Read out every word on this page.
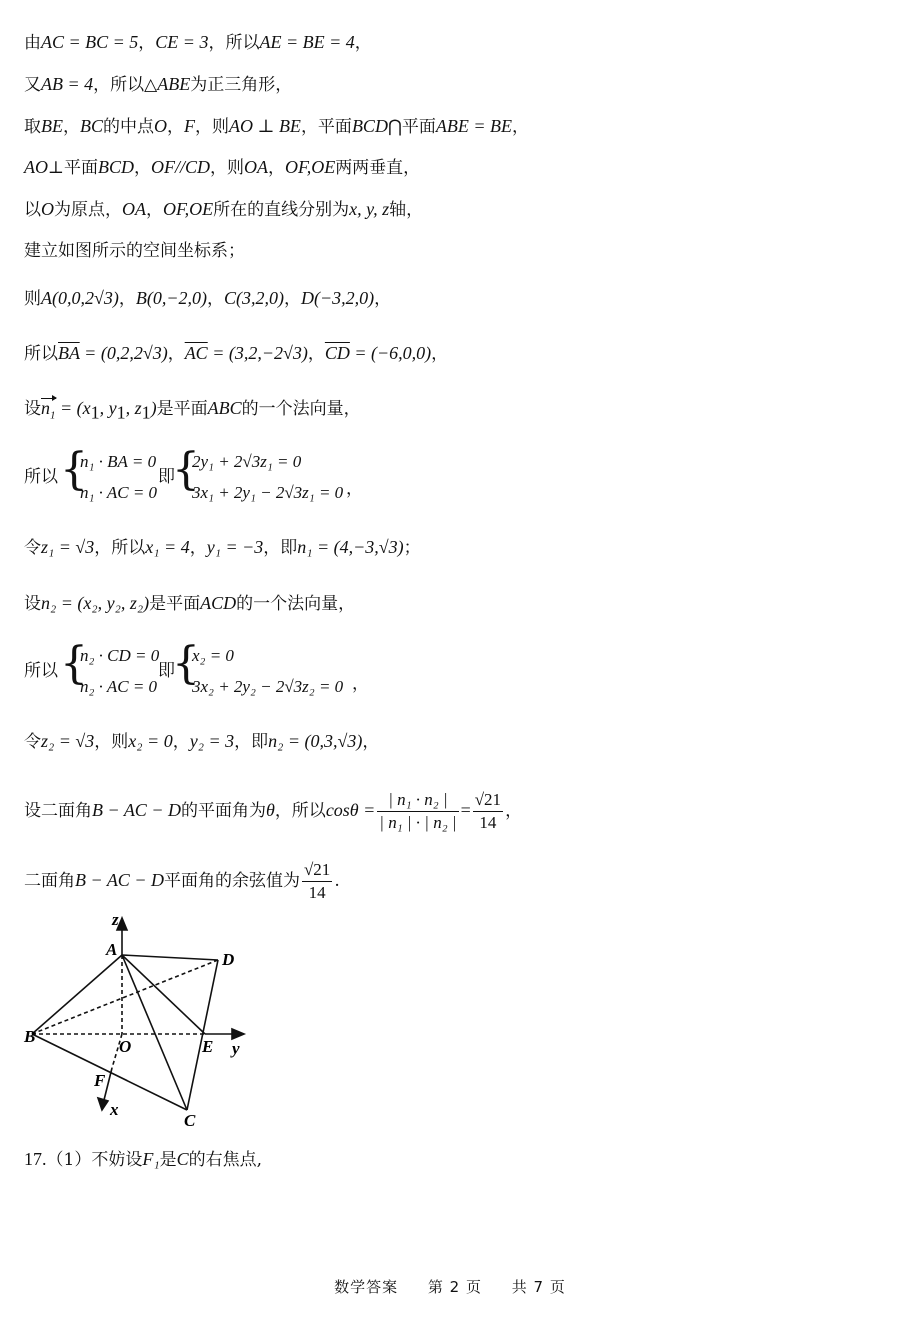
由AC = BC = 5，CE = 3，所以AE = BE = 4，
又AB = 4，所以△ABE为正三角形，
取BE，BC的中点O，F，则AO ⊥ BE，平面BCD⋂平面ABE = BE，
AO⊥平面BCD，OF//CD，则OA，OF,OE两两垂直，
以O为原点，OA，OF,OE所在的直线分别为x, y, z轴，
建立如图所示的空间坐标系；
则A(0,0,2√3)，B(0,−2,0)，C(3,2,0)，D(−3,2,0)，
所以$\overline{BA} = (0,2,2√3)$，$\overline{AC} = (3,2,-2√3)$，$\overline{CD} = (-6,0,0)$，
设$n_1 = (x_1$, $y_1$, $z_1$)是平面ABC的一个法向量，
所以 {
n₁ · BA = 0
n₁ · AC = 0
即
{
2y₁ + 2√3z₁ = 0
3x₁ + 2y₁ − 2√3z₁ = 0 ，
令z₁ = √3，所以x₁ = 4，y₁ = −3，即n₁ = (4,−3,√3)；
设n₂ = (x₂, y₂, z₂)是平面ACD的一个法向量，
所以 {
n₂ · CD = 0
n₂ · AC = 0
即
{
x₂ = 0
3x₂ + 2y₂ − 2√3z₂ = 0 ，
令z₂ = √3，则x₂ = 0，y₂ = 3，即n₂ = (0,3,√3)，
设二面角B − AC − D的平面角为θ，所以$\cos\theta = \frac{\text{| n₁ · n₂ |}}{\text{| n₁ | · | n₂ |}} = \frac{√21}{14}$ ，
二面角B − AC − D平面角的余弦值为 $\frac{√21}{14}$ .
z
A
D
B
O	E y
F
x
C
17.（1）不妨设F₁是C的右焦点,
数学答案 第 2 页 共 7 页
